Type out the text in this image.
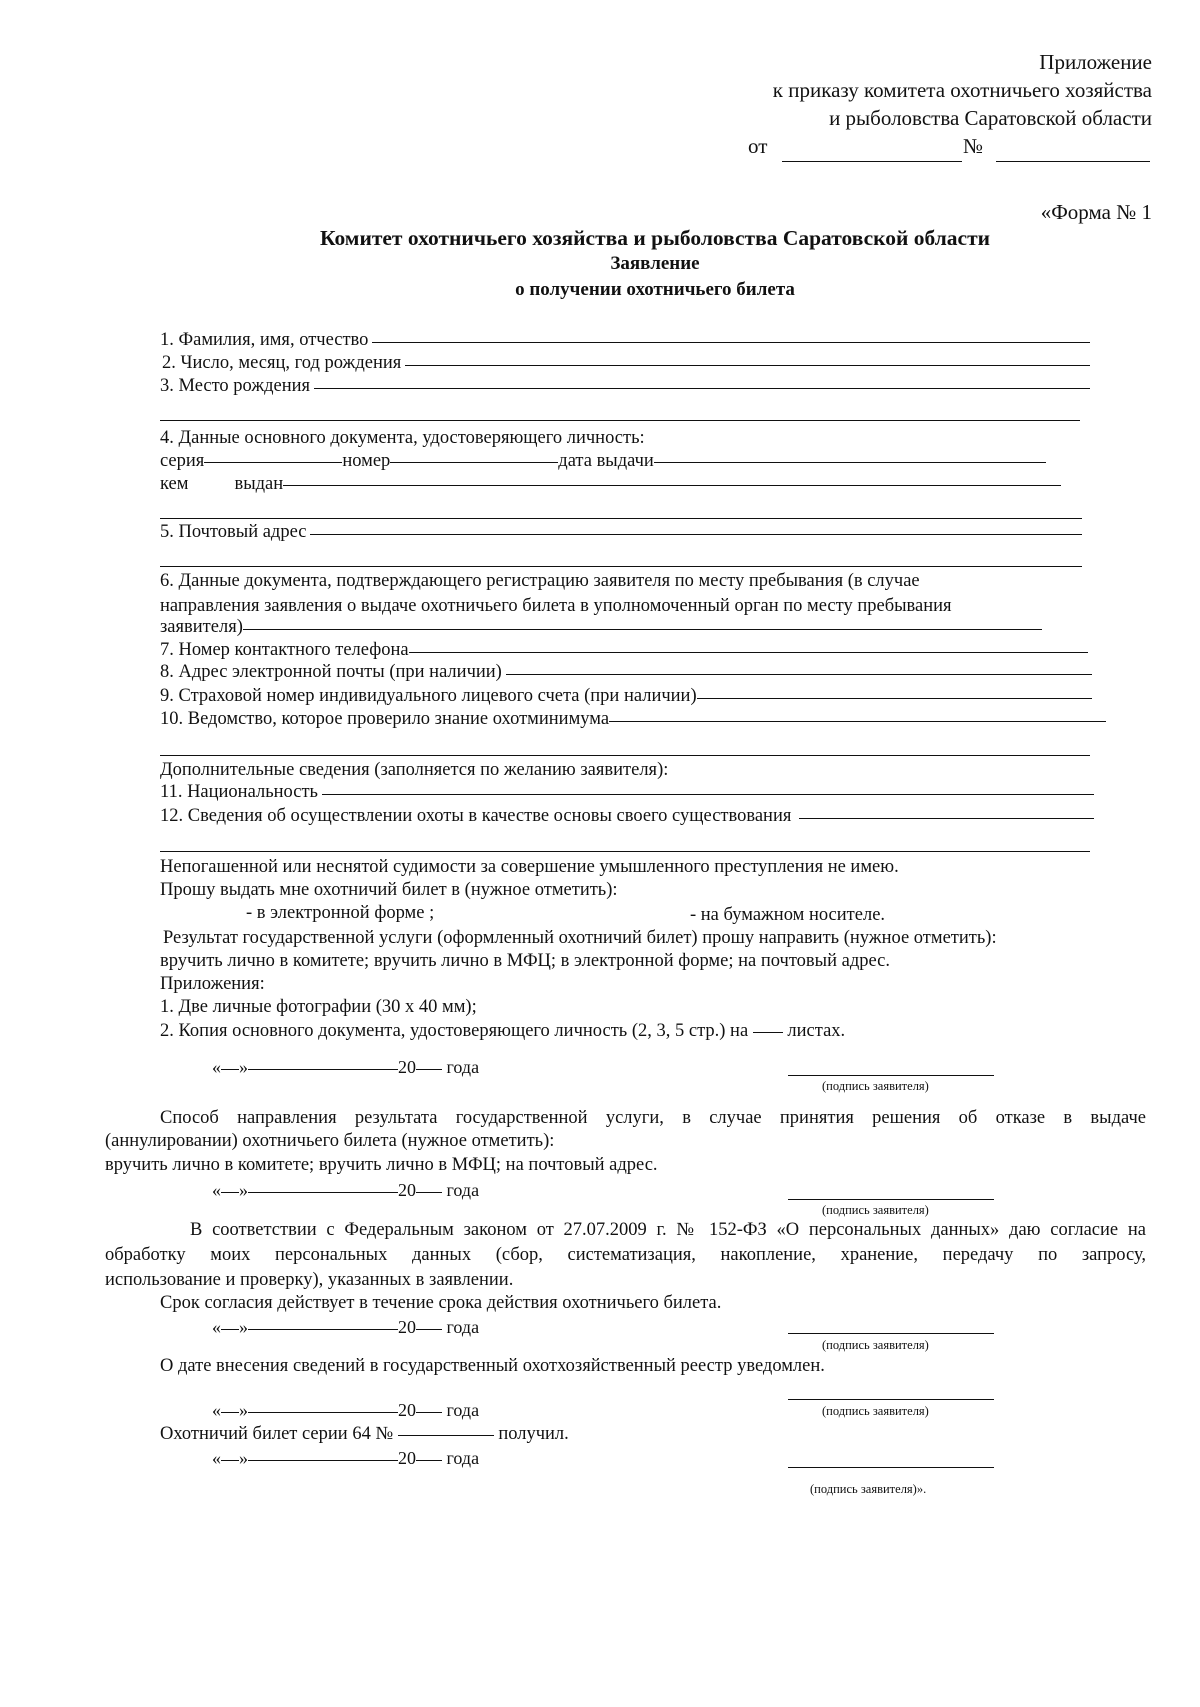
Приложение
к приказу комитета охотничьего хозяйства
и рыболовства Саратовской области
от	№
«Форма № 1
Комитет охотничьего хозяйства и рыболовства Саратовской области
Заявление
о получении охотничьего билета
1. Фамилия, имя, отчество
2. Число, месяц, год рождения
3. Место рождения
4. Данные основного документа, удостоверяющего личность:
серия	номер	дата выдачи
кем выдан
5. Почтовый адрес
6. Данные документа, подтверждающего регистрацию заявителя по месту пребывания (в случае
направления заявления о выдаче охотничьего билета в уполномоченный орган по месту пребывания
заявителя)
7. Номер контактного телефона
8. Адрес электронной почты (при наличии)
9. Страховой номер индивидуального лицевого счета (при наличии)
10. Ведомство, которое проверило знание охотминимума
Дополнительные сведения (заполняется по желанию заявителя):
11. Национальность
12. Сведения об осуществлении охоты в качестве основы своего существования
Непогашенной или неснятой судимости за совершение умышленного преступления не имею.
Прошу выдать мне охотничий билет в (нужное отметить):
- в электронной форме ;	- на бумажном носителе.
Результат государственной услуги (оформленный охотничий билет) прошу направить (нужное отметить):
вручить лично в комитете; вручить лично в МФЦ; в электронной форме; на почтовый адрес.
Приложения:
1. Две личные фотографии (30 х 40 мм);
2. Копия основного документа, удостоверяющего личность (2, 3, 5 стр.) на листах.
« »	20 года
(подпись заявителя)
Способ направления результата государственной услуги, в случае принятия решения об отказе в выдаче
(аннулировании) охотничьего билета (нужное отметить):
вручить лично в комитете; вручить лично в МФЦ; на почтовый адрес.
« »	20 года
(подпись заявителя)
В соответствии с Федеральным законом от 27.07.2009 г. № 152-ФЗ «О персональных данных» даю согласие на
обработку моих персональных данных (сбор, систематизация, накопление, хранение, передачу по запросу,
использование и проверку), указанных в заявлении.
Срок согласия действует в течение срока действия охотничьего билета.
« »	20 года
(подпись заявителя)
О дате внесения сведений в государственный охотхозяйственный реестр уведомлен.
« »	20 года	(подпись заявителя)
Охотничий билет серии 64 №	получил.
« »	20 года
(подпись заявителя)».
